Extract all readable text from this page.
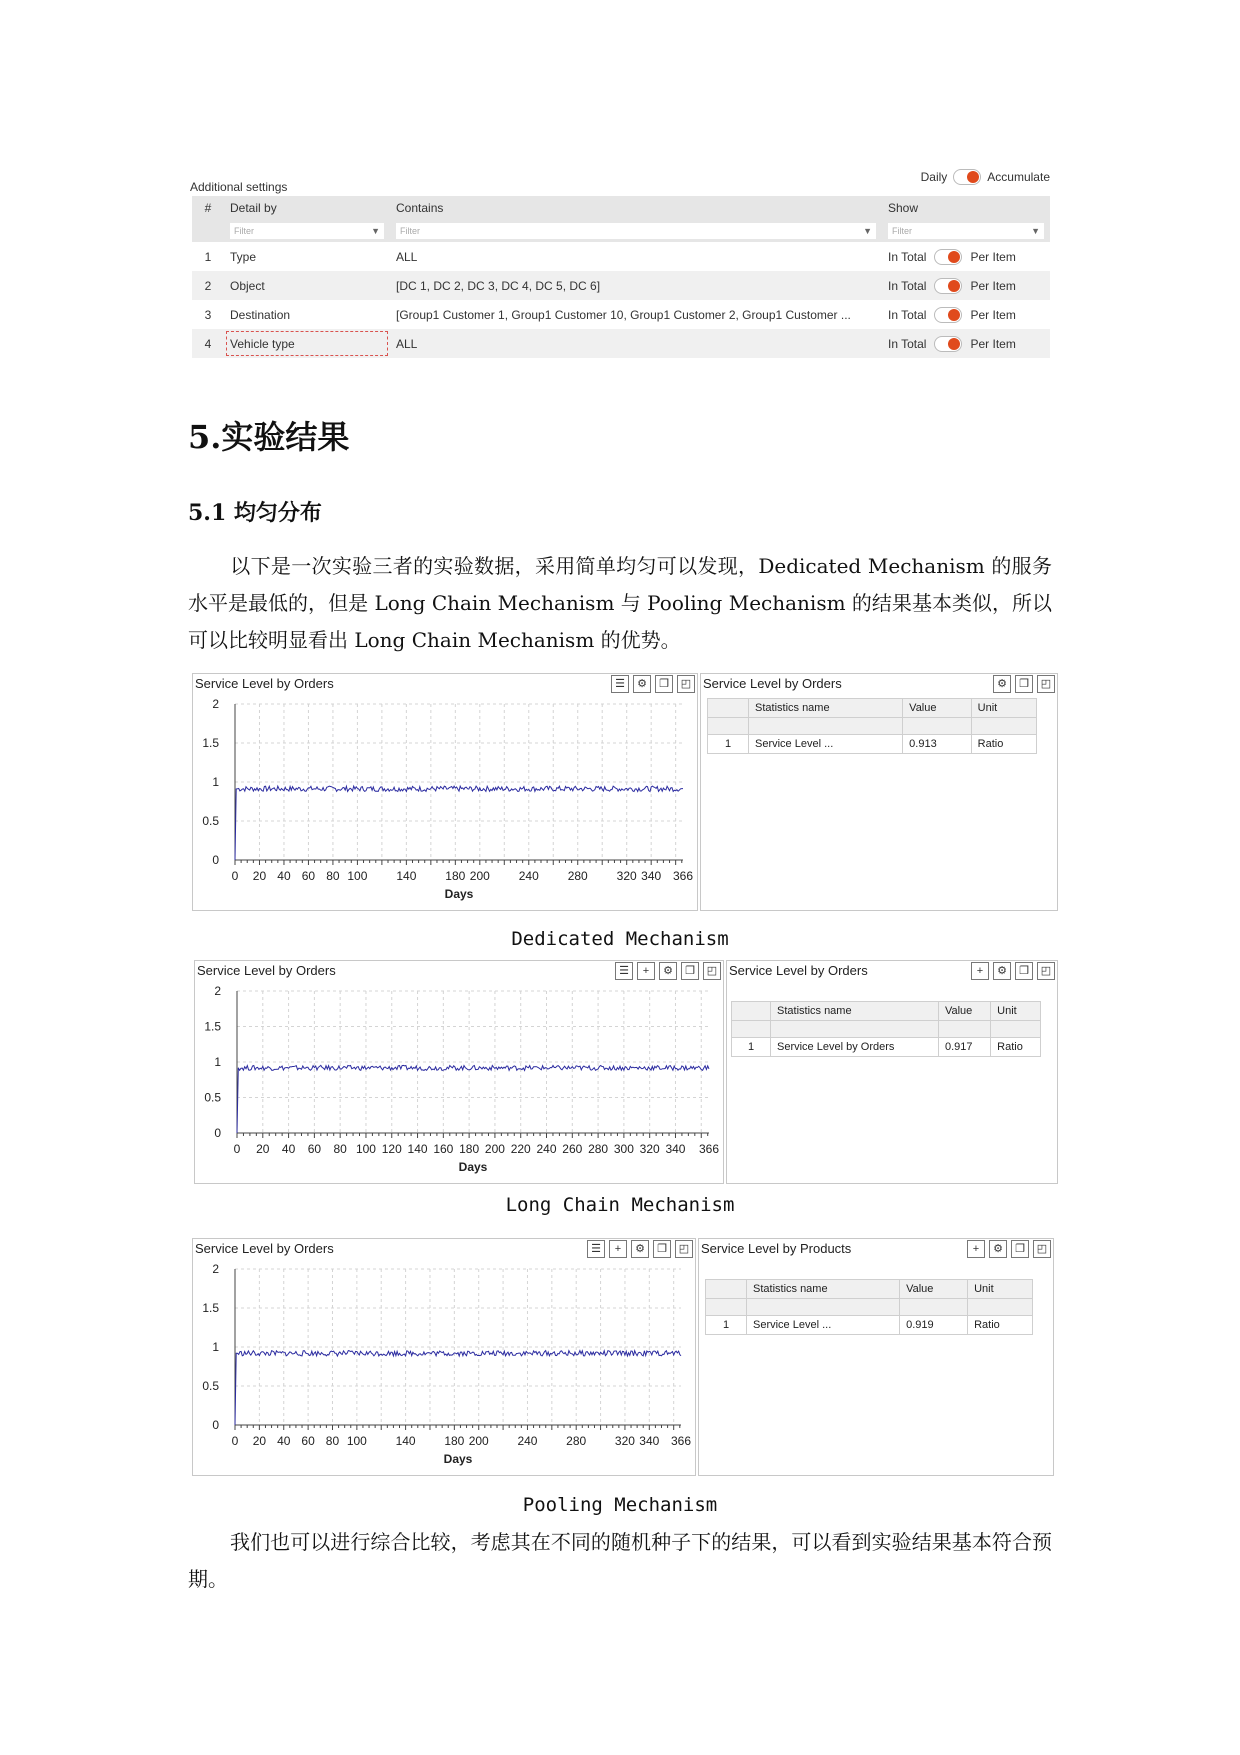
Additional settings
Daily	Accumulate
#	Detail by	Contains	Show

	Filter ▼	Filter ▼	Filter ▼

1	Type	ALL	In Total Per Item

2	Object	[DC 1, DC 2, DC 3, DC 4, DC 5, DC 6]	In Total Per Item

3	Destination	[Group1 Customer 1, Group1 Customer 10, Group1 Customer 2, Group1 Customer ...	In Total Per Item

4	Vehicle type	ALL	In Total Per Item
5.实验结果
5.1 均匀分布
以下是一次实验三者的实验数据，采用简单均匀可以发现，Dedicated Mechanism 的服务水平是最低的，但是 Long Chain Mechanism 与 Pooling Mechanism 的结果基本类似，所以可以比较明显看出 Long Chain Mechanism 的优势。
Service Level by Orders	☰	⚙	❐	◰
0
0.5
1
1.5
2
0 20 40 60 80 100 140 180 200 240 280 320 340 366
Days
Service Level by Orders	⚙	❐	◰
	Statistics name	Value	Unit

1	Service Level ...	0.913	Ratio
Dedicated Mechanism
Service Level by Orders	☰	+	⚙	❐	◰
0
0.5
1
1.5
2
0 20 40 60 80 100 120 140 160 180 200 220 240 260 280 300 320 340 366
Days
Service Level by Orders	+	⚙	❐	◰
	Statistics name	Value	Unit

1	Service Level by Orders	0.917	Ratio
Long Chain Mechanism
Service Level by Orders	☰	+	⚙	❐	◰
0
0.5
1
1.5
2
0 20 40 60 80 100 140 180 200 240 280 320 340 366
Days
Service Level by Products	+	⚙	❐	◰
	Statistics name	Value	Unit

1	Service Level ...	0.919	Ratio
Pooling Mechanism
我们也可以进行综合比较，考虑其在不同的随机种子下的结果，可以看到实验结果基本符合预期。
